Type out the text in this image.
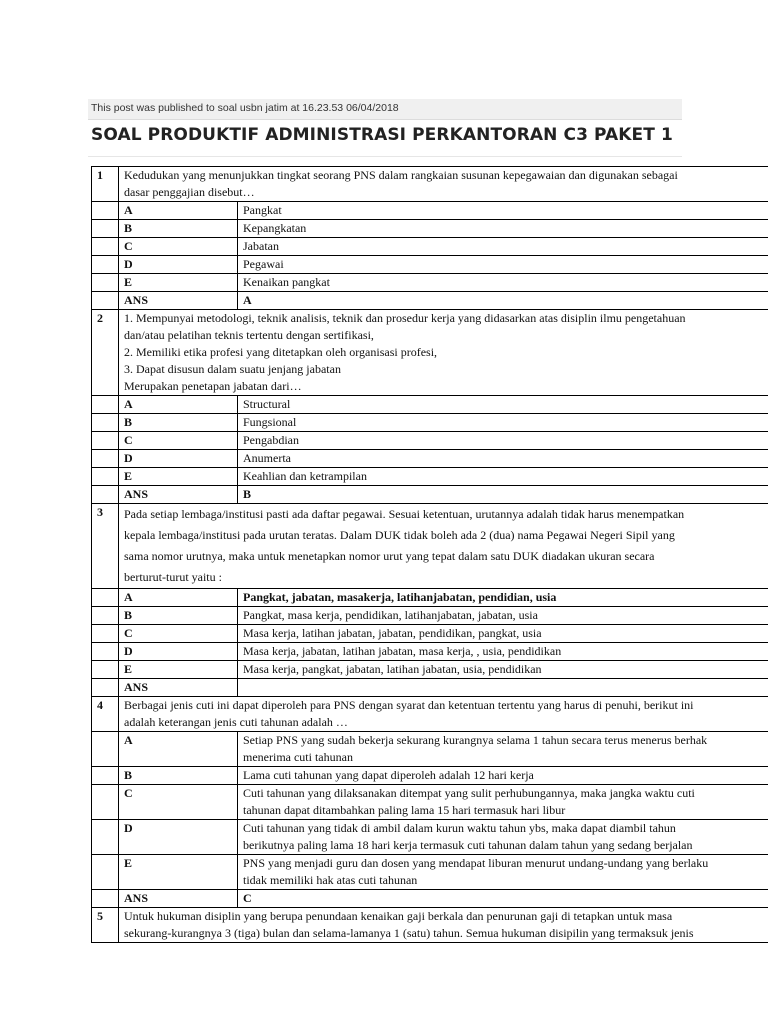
This post was published to soal usbn jatim at 16.23.53 06/04/2018
SOAL PRODUKTIF ADMINISTRASI PERKANTORAN C3 PAKET 1
1	Kedudukan yang menunjukkan tingkat seorang PNS dalam rangkaian susunan kepegawaian dan digunakan sebagai
dasar penggajian disebut…	

	A	Pangkat
	B	Kepangkatan
	C	Jabatan
	D	Pegawai
	E	Kenaikan pangkat
	ANS	A
2	1. Mempunyai metodologi, teknik analisis, teknik dan prosedur kerja yang didasarkan atas disiplin ilmu pengetahuan
dan/atau pelatihan teknis tertentu dengan sertifikasi,
2. Memiliki etika profesi yang ditetapkan oleh organisasi profesi,
3. Dapat disusun dalam suatu jenjang jabatan
Merupakan penetapan jabatan dari…	

	A	Structural
	B	Fungsional
	C	Pengabdian
	D	Anumerta
	E	Keahlian dan ketrampilan
	ANS	B
3	Pada setiap lembaga/institusi pasti ada daftar pegawai. Sesuai ketentuan, urutannya adalah tidak harus menempatkan
kepala lembaga/institusi pada urutan teratas. Dalam DUK tidak boleh ada 2 (dua) nama Pegawai Negeri Sipil yang
sama nomor urutnya, maka untuk menetapkan nomor urut yang tepat dalam satu DUK diadakan ukuran secara
berturut-turut yaitu :	

	A	Pangkat, jabatan, masakerja, latihanjabatan, pendidian, usia
	B	Pangkat, masa kerja, pendidikan, latihanjabatan, jabatan, usia
	C	Masa kerja, latihan jabatan, jabatan, pendidikan, pangkat, usia
	D	Masa kerja, jabatan, latihan jabatan, masa kerja, , usia, pendidikan
	E	Masa kerja, pangkat, jabatan, latihan jabatan, usia, pendidikan
	ANS	
4	Berbagai jenis cuti ini dapat diperoleh para PNS dengan syarat dan ketentuan tertentu yang harus di penuhi, berikut ini
adalah keterangan jenis cuti tahunan adalah …	

	A	Setiap PNS yang sudah bekerja sekurang kurangnya selama 1 tahun secara terus menerus berhak
menerima cuti tahunan

	B	Lama cuti tahunan yang dapat diperoleh adalah 12 hari kerja

	C	Cuti tahunan yang dilaksanakan ditempat yang sulit perhubungannya, maka jangka waktu cuti
tahunan dapat ditambahkan paling lama 15 hari termasuk hari libur

	D	Cuti tahunan yang tidak di ambil dalam kurun waktu tahun ybs, maka dapat diambil tahun
berikutnya paling lama 18 hari kerja termasuk cuti tahunan dalam tahun yang sedang berjalan

	E	PNS yang menjadi guru dan dosen yang mendapat liburan menurut undang-undang yang berlaku
tidak memiliki hak atas cuti tahunan

	ANS	C
5	Untuk hukuman disiplin yang berupa penundaan kenaikan gaji berkala dan penurunan gaji di tetapkan untuk masa
sekurang-kurangnya 3 (tiga) bulan dan selama-lamanya 1 (satu) tahun. Semua hukuman disipilin yang termaksuk jenis	
